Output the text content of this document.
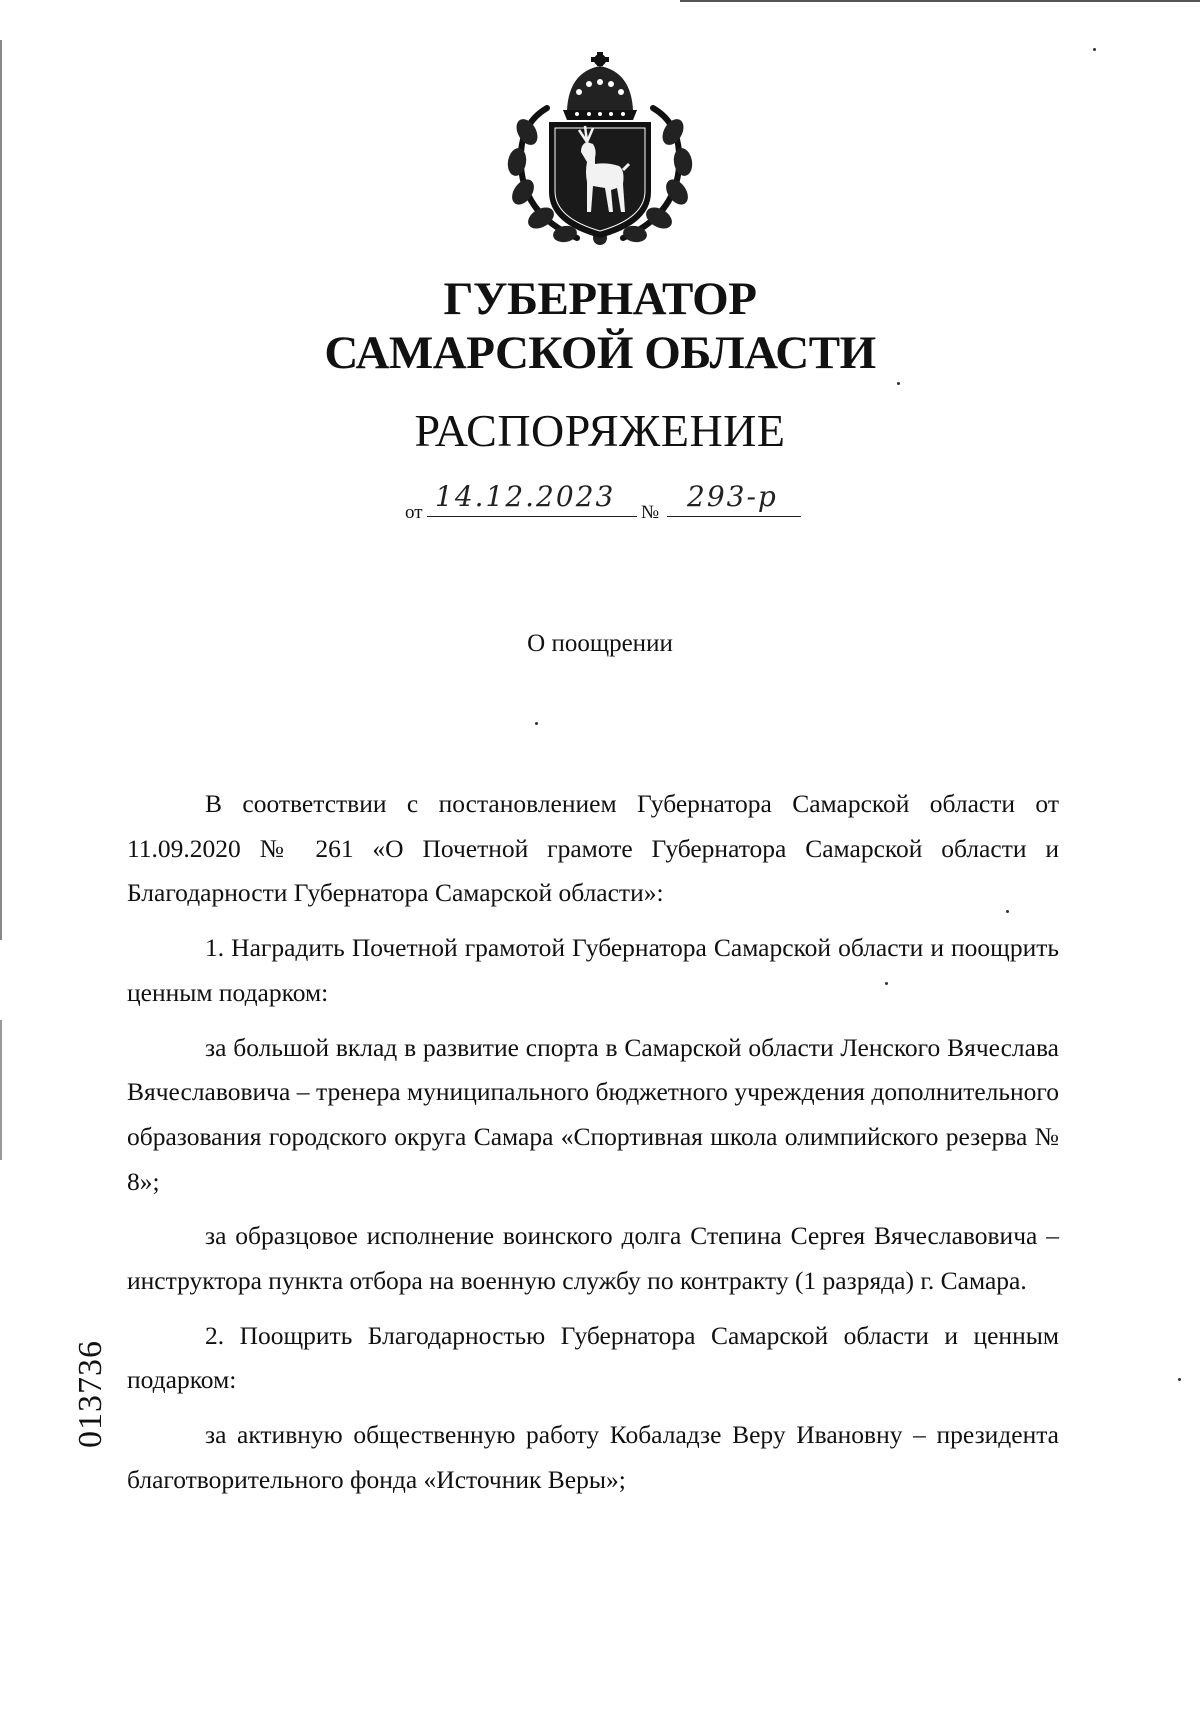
ГУБЕРНАТОР
САМАРСКОЙ ОБЛАСТИ
РАСПОРЯЖЕНИЕ
от 14.12.2023 № 293-р
О поощрении

В соответствии с постановлением Губернатора Самарской области от 11.09.2020 № 261 «О Почетной грамоте Губернатора Самарской области и Благодарности Губернатора Самарской области»:

1. Наградить Почетной грамотой Губернатора Самарской области и поощрить ценным подарком:

за большой вклад в развитие спорта в Самарской области Ленского Вячеслава Вячеславовича – тренера муниципального бюджетного учреждения дополнительного образования городского округа Самара «Спортивная школа олимпийского резерва № 8»;

за образцовое исполнение воинского долга Степина Сергея Вячеславовича – инструктора пункта отбора на военную службу по контракту (1 разряда) г. Самара.

2. Поощрить Благодарностью Губернатора Самарской области и ценным подарком:

за активную общественную работу Кобаладзе Веру Ивановну – президента благотворительного фонда «Источник Веры»;

013736
